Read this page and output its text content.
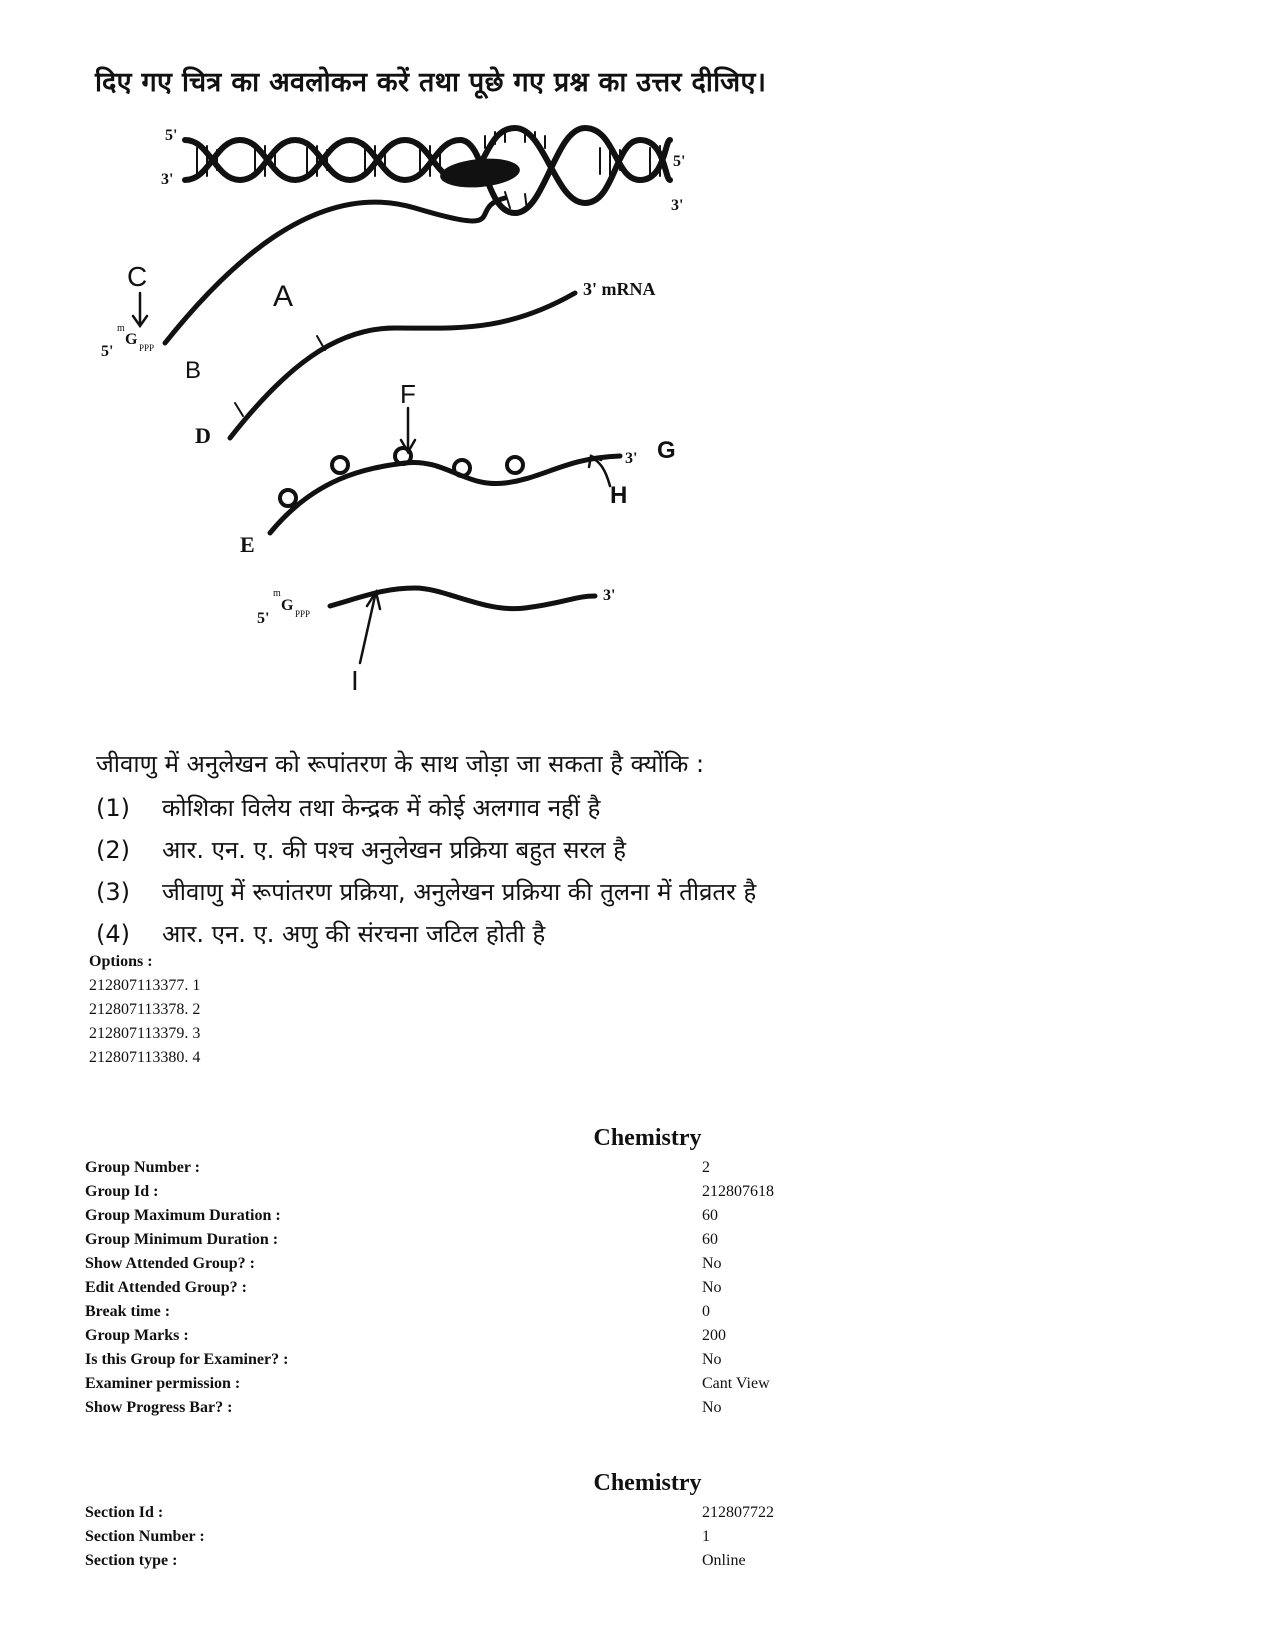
दिए गए चित्र का अवलोकन करें तथा पूछे गए प्रश्न का उत्तर दीजिए।
5'
3'
5'
3'
3' mRNA
5'
m
G PPP
D
E
3'
5'
m
G PPP
3'
C
A
B
F
G
H
I
जीवाणु में अनुलेखन को रूपांतरण के साथ जोड़ा जा सकता है क्योंकि :
(1) कोशिका विलेय तथा केन्द्रक में कोई अलगाव नहीं है
(2) आर. एन. ए. की पश्च अनुलेखन प्रक्रिया बहुत सरल है
(3) जीवाणु में रूपांतरण प्रक्रिया, अनुलेखन प्रक्रिया की तुलना में तीव्रतर है
(4) आर. एन. ए. अणु की संरचना जटिल होती है
Options :
212807113377. 1
212807113378. 2
212807113379. 3
212807113380. 4
Chemistry
Group Number :	2
Group Id :	212807618
Group Maximum Duration :	60
Group Minimum Duration :	60
Show Attended Group? :	No
Edit Attended Group? :	No
Break time :	0
Group Marks :	200
Is this Group for Examiner? :	No
Examiner permission :	Cant View
Show Progress Bar? :	No
Chemistry
Section Id :	212807722
Section Number :	1
Section type :	Online
